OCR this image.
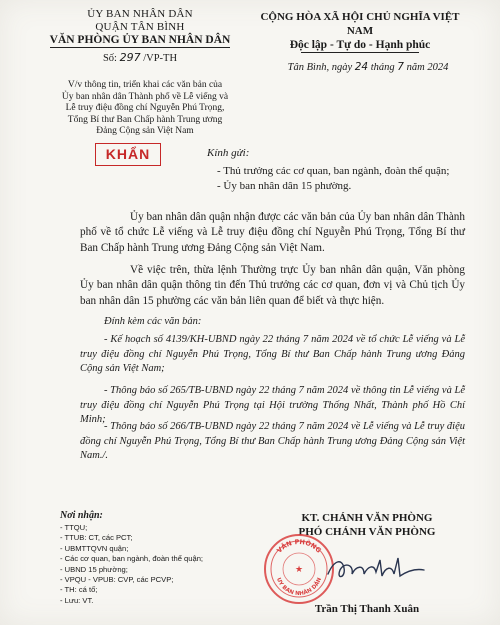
ỦY BAN NHÂN DÂN
QUẬN TÂN BÌNH
VĂN PHÒNG ỦY BAN NHÂN DÂN
Số: 297 /VP-TH
CỘNG HÒA XÃ HỘI CHỦ NGHĨA VIỆT NAM
Độc lập - Tự do - Hạnh phúc
Tân Bình, ngày 24 tháng 7 năm 2024
V/v thông tin, triển khai các văn bản của
Ủy ban nhân dân Thành phố về Lễ viếng và
Lễ truy điệu đồng chí Nguyễn Phú Trọng,
Tổng Bí thư Ban Chấp hành Trung ương
Đảng Cộng sản Việt Nam
KHẨN	Kính gửi:
- Thủ trưởng các cơ quan, ban ngành, đoàn thể quận;
- Ủy ban nhân dân 15 phường.
Ủy ban nhân dân quận nhận được các văn bản của Ủy ban nhân dân Thành phố về tổ chức Lễ viếng và Lễ truy điệu đồng chí Nguyễn Phú Trọng, Tổng Bí thư Ban Chấp hành Trung ương Đảng Cộng sản Việt Nam.
Về việc trên, thừa lệnh Thường trực Ủy ban nhân dân quận, Văn phòng Ủy ban nhân dân quận thông tin đến Thủ trưởng các cơ quan, đơn vị và Chủ tịch Ủy ban nhân dân 15 phường các văn bản liên quan để biết và thực hiện.
Đính kèm các văn bản:
- Kế hoạch số 4139/KH-UBND ngày 22 tháng 7 năm 2024 về tổ chức Lễ viếng và Lễ truy điệu đồng chí Nguyễn Phú Trọng, Tổng Bí thư Ban Chấp hành Trung ương Đảng Cộng sản Việt Nam;
- Thông báo số 265/TB-UBND ngày 22 tháng 7 năm 2024 về thông tin Lễ viếng và Lễ truy điệu đồng chí Nguyễn Phú Trọng tại Hội trường Thống Nhất, Thành phố Hồ Chí Minh;
- Thông báo số 266/TB-UBND ngày 22 tháng 7 năm 2024 về Lễ viếng và Lễ truy điệu đồng chí Nguyễn Phú Trọng, Tổng Bí thư Ban Chấp hành Trung ương Đảng Cộng sản Việt Nam./.
Nơi nhận:
- TTQU;
- TTUB: CT, các PCT;
- UBMTTQVN quận;
- Các cơ quan, ban ngành, đoàn thể quận;
- UBND 15 phường;
- VPQU - VPUB: CVP, các PCVP;
- TH: cá tố;
- Lưu: VT.
KT. CHÁNH VĂN PHÒNG
PHÓ CHÁNH VĂN PHÒNG
VĂN PHÒNG
UY BAN NHÂN DÂN
★
Trần Thị Thanh Xuân
